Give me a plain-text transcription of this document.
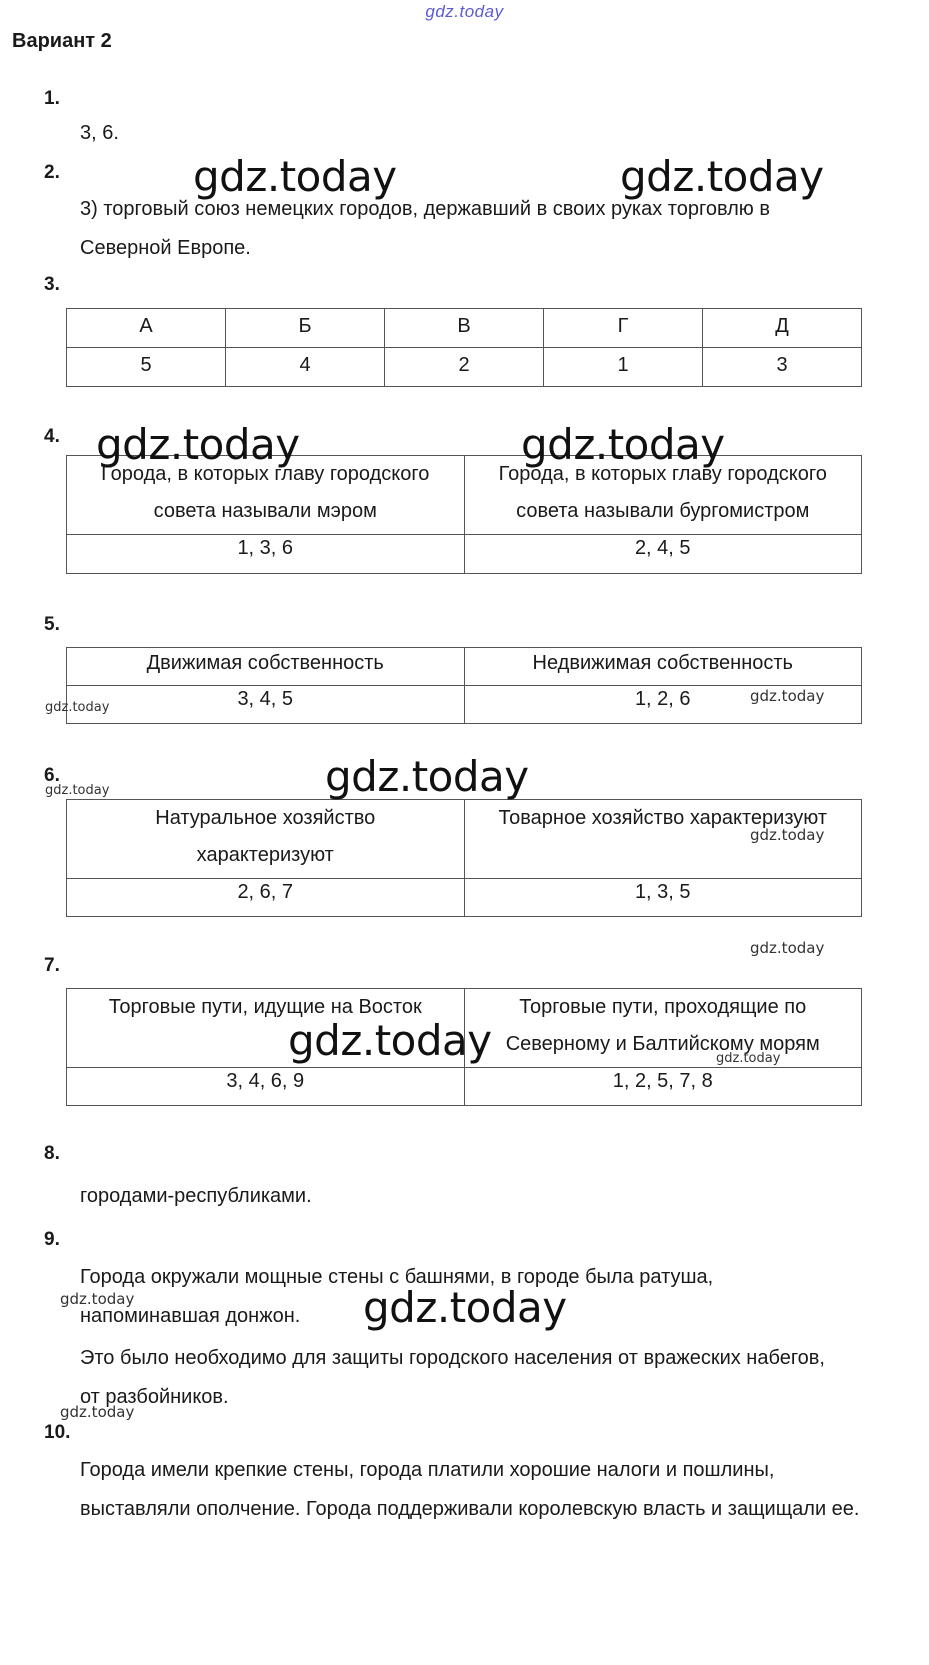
gdz.today
Вариант 2
1.
3, 6.
2.
3) торговый союз немецких городов, державший в своих руках торговлю в Северной Европе.
3.
А	Б	В	Г	Д
5	4	2	1	3
4.
Города, в которых главу городского совета называли мэром	Города, в которых главу городского совета называли бургомистром
1, 3, 6	2, 4, 5
5.
Движимая собственность	Недвижимая собственность
3, 4, 5	1, 2, 6
6.
Натуральное хозяйство характеризуют	Товарное хозяйство характеризуют
2, 6, 7	1, 3, 5
7.
Торговые пути, идущие на Восток	Торговые пути, проходящие по Северному и Балтийскому морям
3, 4, 6, 9	1, 2, 5, 7, 8
8.
городами-республиками.
9.
Города окружали мощные стены с башнями, в городе была ратуша, напоминавшая донжон.
Это было необходимо для защиты городского населения от вражеских набегов, от разбойников.
10.
Города имели крепкие стены, города платили хорошие налоги и пошлины, выставляли ополчение. Города поддерживали королевскую власть и защищали ее.
gdz.today	gdz.today
gdz.today	gdz.today
gdz.today
gdz.today
gdz.today
gdz.today
gdz.today
gdz.today
gdz.today
gdz.today
gdz.today
gdz.today
gdz.today
